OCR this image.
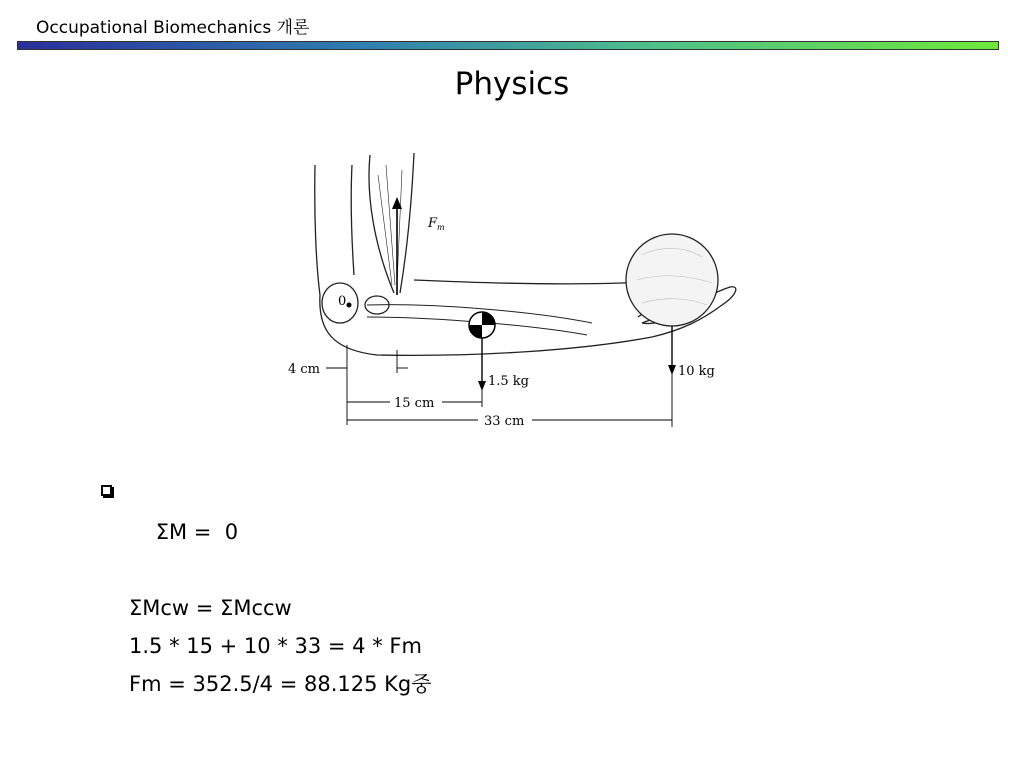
Occupational Biomechanics 개론
Physics
$F_m$
0
4 cm
1.5 kg
10 kg
15 cm
33 cm

ΣM =  0

ΣMcw = ΣMccw
1.5 * 15 + 10 * 33 = 4 * Fm
Fm = 352.5/4 = 88.125 Kg중
